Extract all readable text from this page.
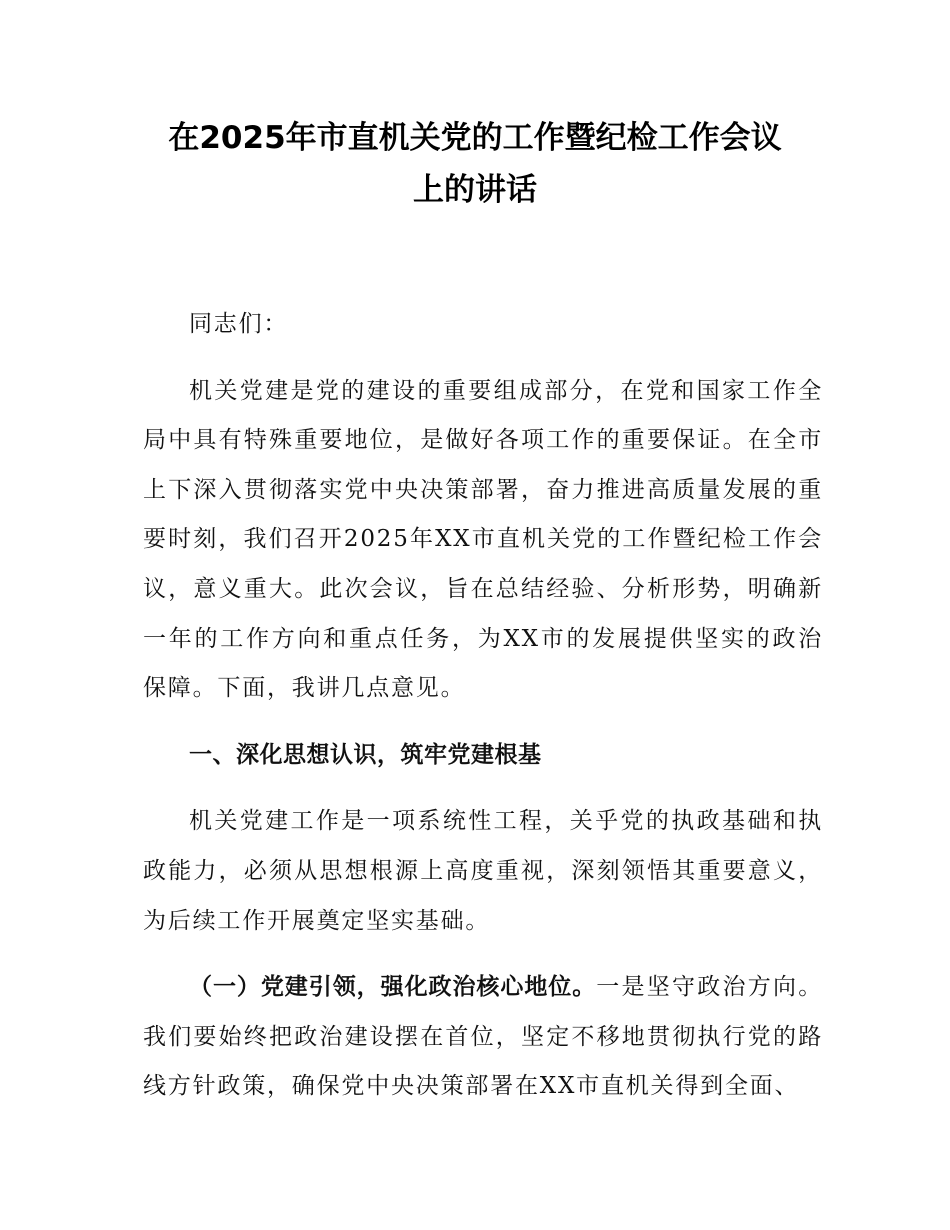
在2025年市直机关党的工作暨纪检工作会议
上的讲话

同志们：

机关党建是党的建设的重要组成部分，在党和国家工作全局中具有特殊重要地位，是做好各项工作的重要保证。在全市上下深入贯彻落实党中央决策部署，奋力推进高质量发展的重要时刻，我们召开2025年XX市直机关党的工作暨纪检工作会议，意义重大。此次会议，旨在总结经验、分析形势，明确新一年的工作方向和重点任务，为XX市的发展提供坚实的政治保障。下面，我讲几点意见。

一、深化思想认识，筑牢党建根基

机关党建工作是一项系统性工程，关乎党的执政基础和执政能力，必须从思想根源上高度重视，深刻领悟其重要意义，为后续工作开展奠定坚实基础。

（一）党建引领，强化政治核心地位。一是坚守政治方向。我们要始终把政治建设摆在首位，坚定不移地贯彻执行党的路线方针政策，确保党中央决策部署在XX市直机关得到全面、
